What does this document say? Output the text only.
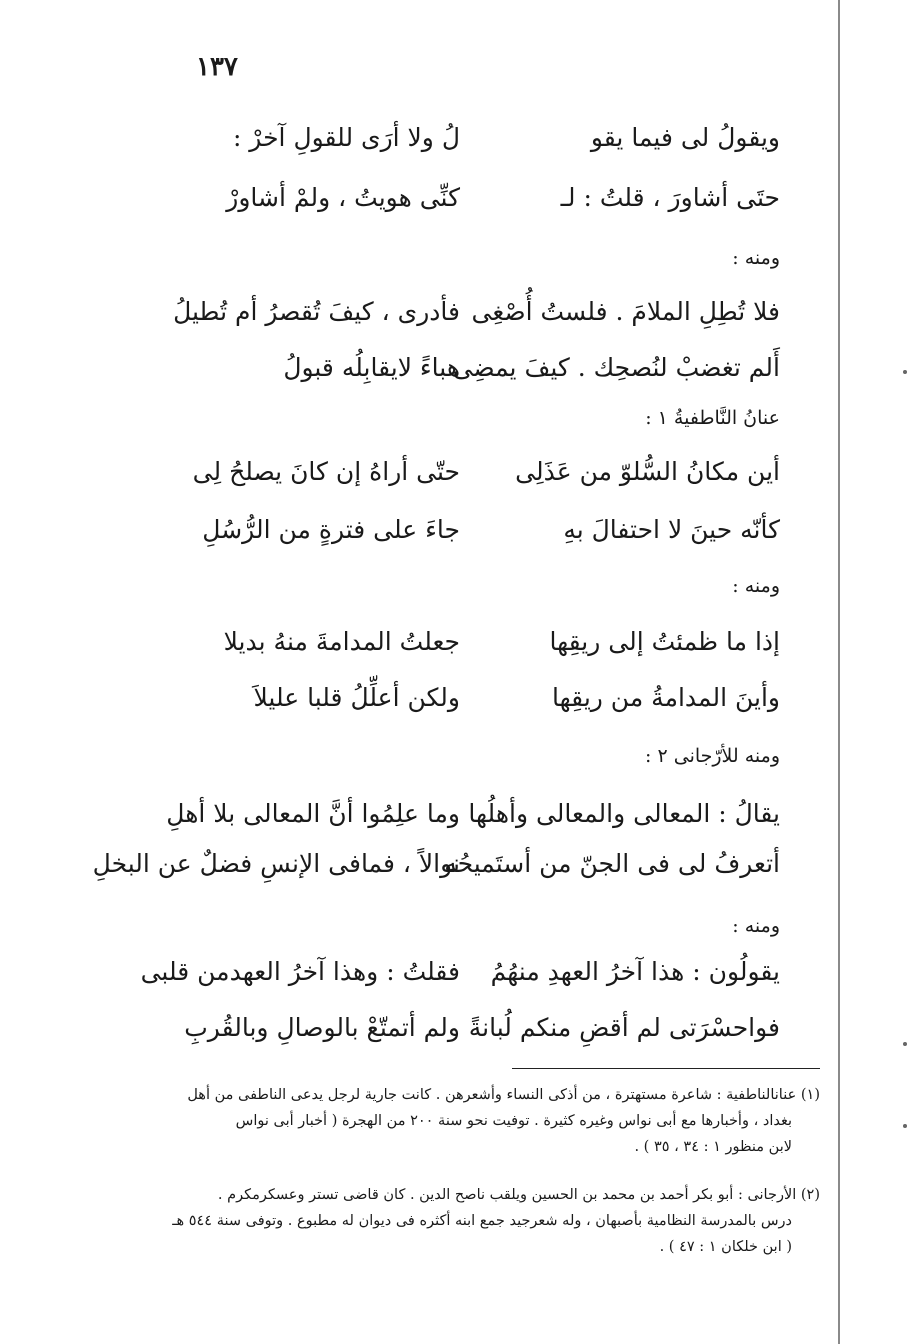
١٣٧
ويقولُ لى فيما يقو
لُ ولا أرَى للقولِ آخرْ :
حتَى أشاورَ ، قلتُ : لـ
كنِّى هويتُ ، ولمْ أشاورْ
ومنه :
فلا تُطِلِ الملامَ . فلستُ أُصْغِى
فأدرى ، كيفَ تُقصرُ أم تُطيلُ
أَلم تغضبْ لنُصحِك . كيفَ يمضِى
هباءً لايقابِلُه قبولُ
عنانُ النَّاطفيةُ ١ :
أين مكانُ السُّلوّ من عَذَلِى
حتّى أراهُ إن كانَ يصلحُ لِى
كأنّه حينَ لا احتفالَ بهِ
جاءَ على فترةٍ من الرُّسُلِ
ومنه :
إذا ما ظمئتُ إلى ريقِها
جعلتُ المدامةَ منهُ بديلا
وأينَ المدامةُ من ريقِها
ولكن أعلِّلُ قلبا عليلاَ
ومنه للأرّجانى ٢ :
يقالُ : المعالى والمعالى وأهلُها
وما علِمُوا أنَّ المعالى بلا أهلِ
أتعرفُ لى فى الجنّ من أستَميحُه
نوالاً ، فمافى الإنسِ فضلٌ عن البخلِ
ومنه :
يقولُون : هذا آخرُ العهدِ منهُمُ
فقلتُ : وهذا آخرُ العهدمن قلبى
فواحسْرَتى لم أقضِ منكم لُبانةً
ولم أتمتّعْ بالوصالِ وبالقُربِ
(١) عنانالناطفية : شاعرة مستهترة ، من أذكى النساء وأشعرهن . كانت جارية لرجل يدعى الناطفى من أهل
بغداد ، وأخبارها مع أبى نواس وغيره كثيرة . توفيت نحو سنة ٢٠٠ من الهجرة ( أخبار أبى نواس
لابن منظور ١ : ٣٤ ، ٣٥ ) .
(٢) الأرجانى : أبو بكر أحمد بن محمد بن الحسين ويلقب ناصح الدين . كان قاضى تستر وعسكرمكرم .
درس بالمدرسة النظامية بأصبهان ، وله شعرجيد جمع ابنه أكثره فى ديوان له مطبوع . وتوفى سنة ٥٤٤ هـ
( ابن خلكان ١ : ٤٧ ) .
